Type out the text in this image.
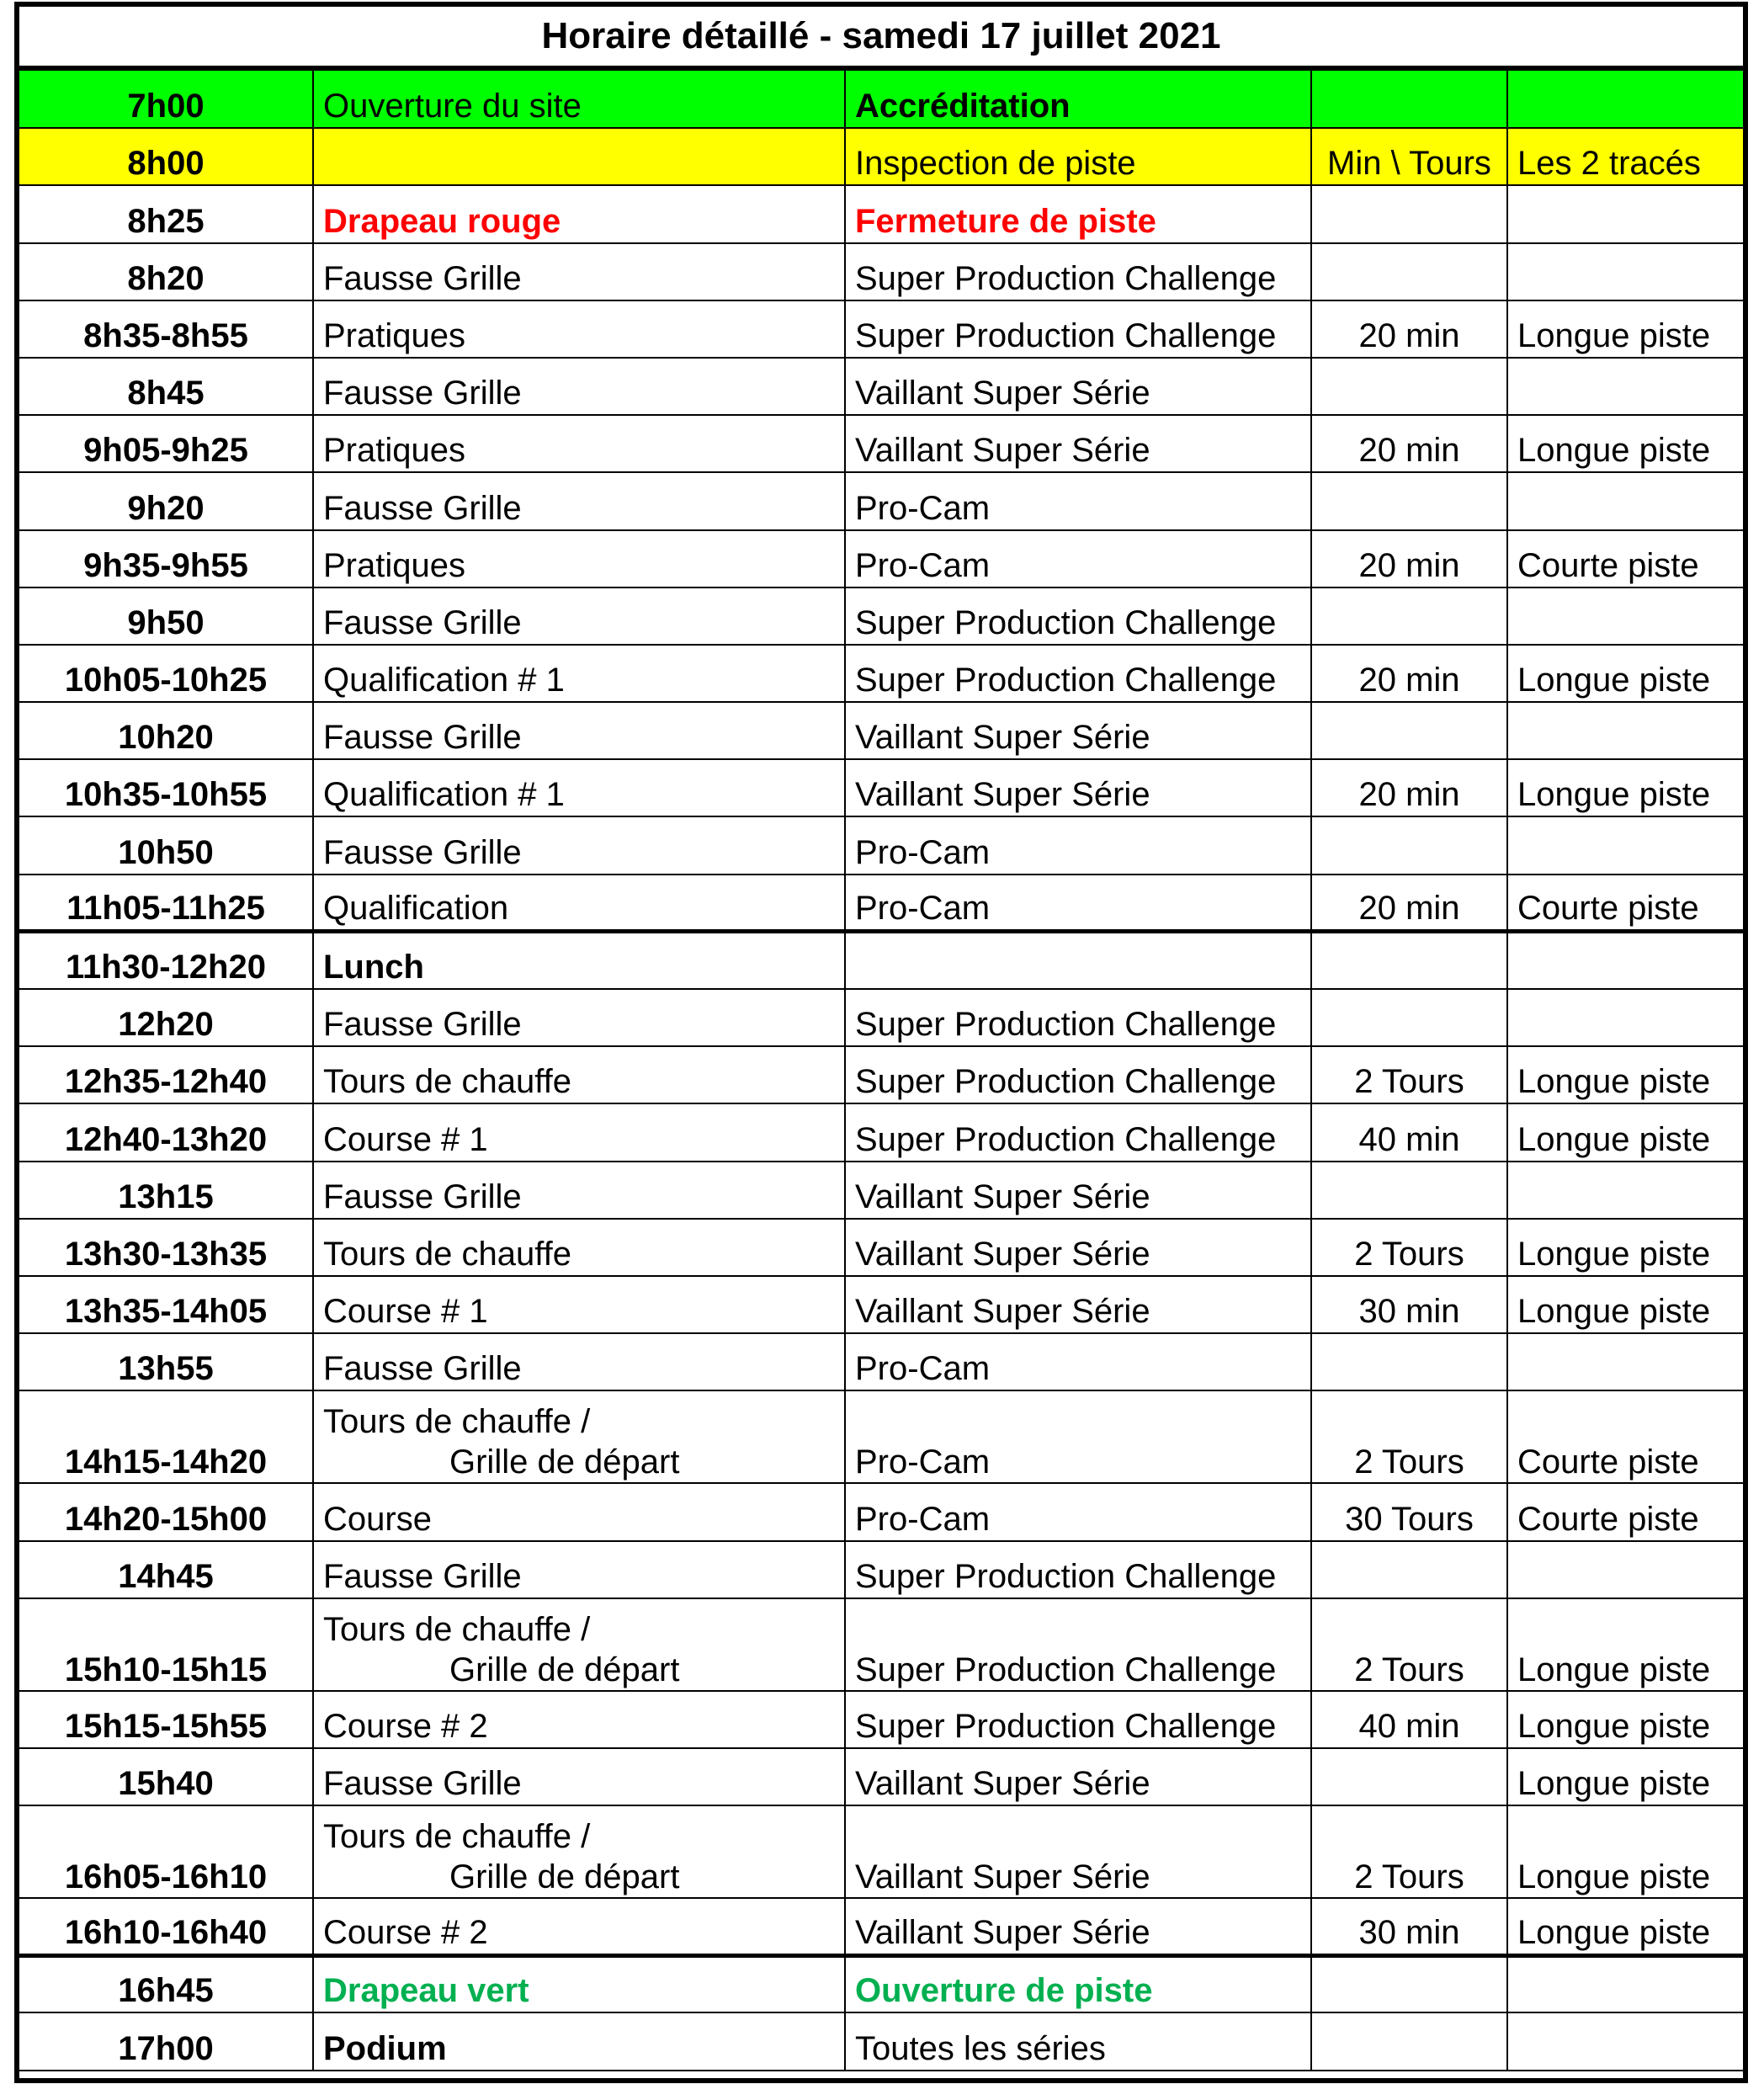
Horaire détaillé - samedi 17 juillet 2021
7h00	Ouverture du site	Accréditation		
8h00		Inspection de piste	Min \ Tours	Les 2 tracés
8h25	Drapeau rouge	Fermeture de piste		
8h20	Fausse Grille	Super Production Challenge		
8h35-8h55	Pratiques	Super Production Challenge	20 min	Longue piste
8h45	Fausse Grille	Vaillant Super Série		
9h05-9h25	Pratiques	Vaillant Super Série	20 min	Longue piste
9h20	Fausse Grille	Pro-Cam		
9h35-9h55	Pratiques	Pro-Cam	20 min	Courte piste
9h50	Fausse Grille	Super Production Challenge		
10h05-10h25	Qualification # 1	Super Production Challenge	20 min	Longue piste
10h20	Fausse Grille	Vaillant Super Série		
10h35-10h55	Qualification # 1	Vaillant Super Série	20 min	Longue piste
10h50	Fausse Grille	Pro-Cam		
11h05-11h25	Qualification	Pro-Cam	20 min	Courte piste
11h30-12h20	Lunch			
12h20	Fausse Grille	Super Production Challenge		
12h35-12h40	Tours de chauffe	Super Production Challenge	2 Tours	Longue piste
12h40-13h20	Course # 1	Super Production Challenge	40 min	Longue piste
13h15	Fausse Grille	Vaillant Super Série		
13h30-13h35	Tours de chauffe	Vaillant Super Série	2 Tours	Longue piste
13h35-14h05	Course # 1	Vaillant Super Série	30 min	Longue piste
13h55	Fausse Grille	Pro-Cam		
14h15-14h20	Tours de chauffe /
Grille de départ	Pro-Cam	2 Tours	Courte piste
14h20-15h00	Course	Pro-Cam	30 Tours	Courte piste
14h45	Fausse Grille	Super Production Challenge		
15h10-15h15	Tours de chauffe /
Grille de départ	Super Production Challenge	2 Tours	Longue piste
15h15-15h55	Course # 2	Super Production Challenge	40 min	Longue piste
15h40	Fausse Grille	Vaillant Super Série		Longue piste
16h05-16h10	Tours de chauffe /
Grille de départ	Vaillant Super Série	2 Tours	Longue piste
16h10-16h40	Course # 2	Vaillant Super Série	30 min	Longue piste
16h45	Drapeau vert	Ouverture de piste		
17h00	Podium	Toutes les séries		
